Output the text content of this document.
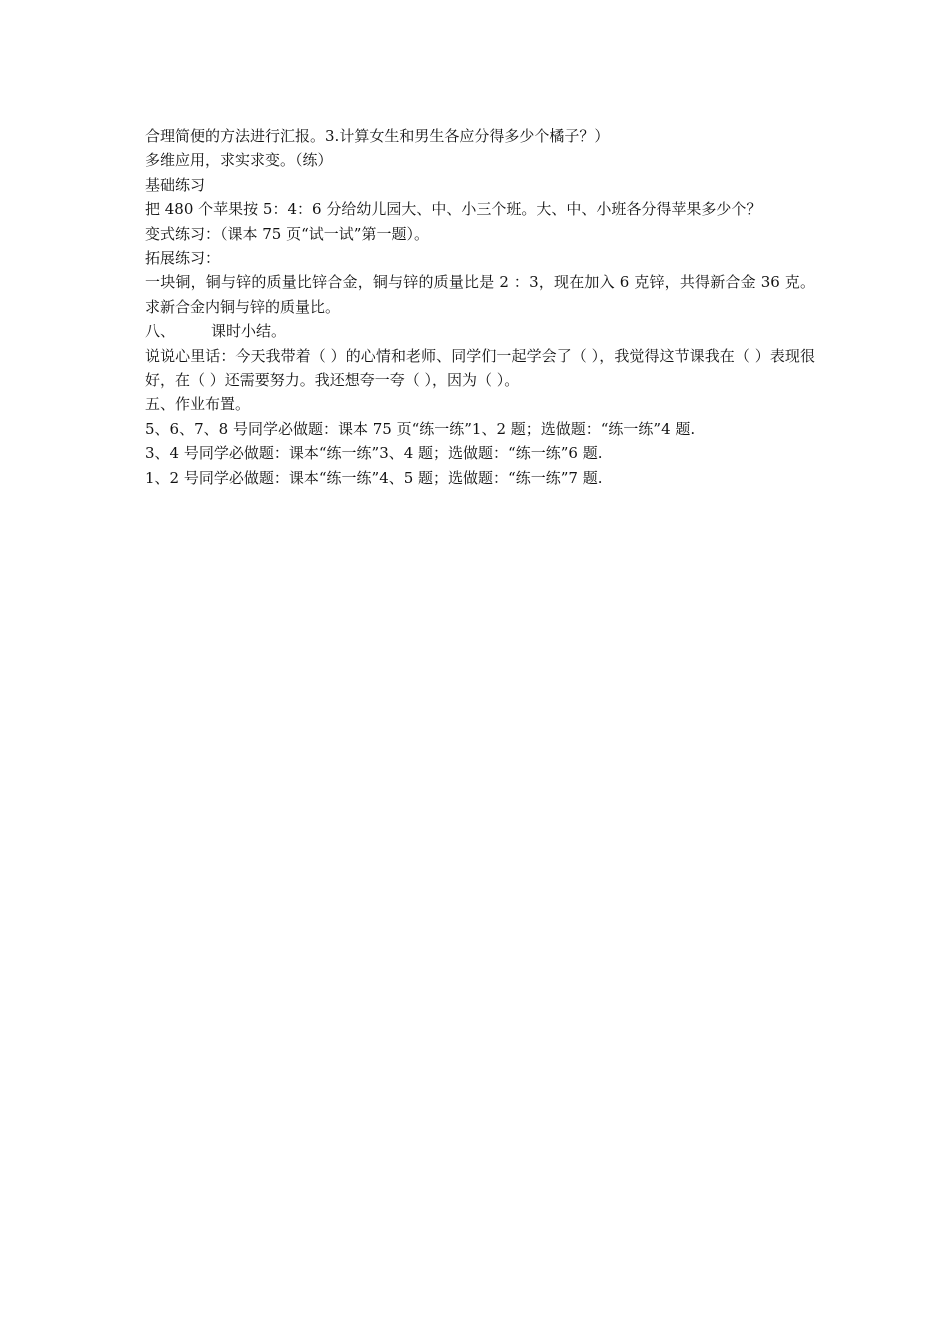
合理简便的方法进行汇报。3.计算女生和男生各应分得多少个橘子？）
多维应用，求实求变。（练）
基础练习
把 480 个苹果按 5：4：6 分给幼儿园大、中、小三个班。大、中、小班各分得苹果多少个？
变式练习：（课本 75 页“试一试”第一题）。
拓展练习：
一块铜，铜与锌的质量比锌合金，铜与锌的质量比是 2 ：3，现在加入 6 克锌，共得新合金 36 克。求新合金内铜与锌的质量比。
八、 课时小结。
说说心里话：今天我带着（ ）的心情和老师、同学们一起学会了（ ），我觉得这节课我在（ ）表现很好，在（ ）还需要努力。我还想夸一夸（ ），因为（ ）。
五、作业布置。
5、6、7、8 号同学必做题：课本 75 页“练一练”1、2 题；选做题：“练一练”4 题.
3、4 号同学必做题：课本“练一练”3、4 题；选做题：“练一练”6 题.
1、2 号同学必做题：课本“练一练”4、5 题；选做题：“练一练”7 题.
